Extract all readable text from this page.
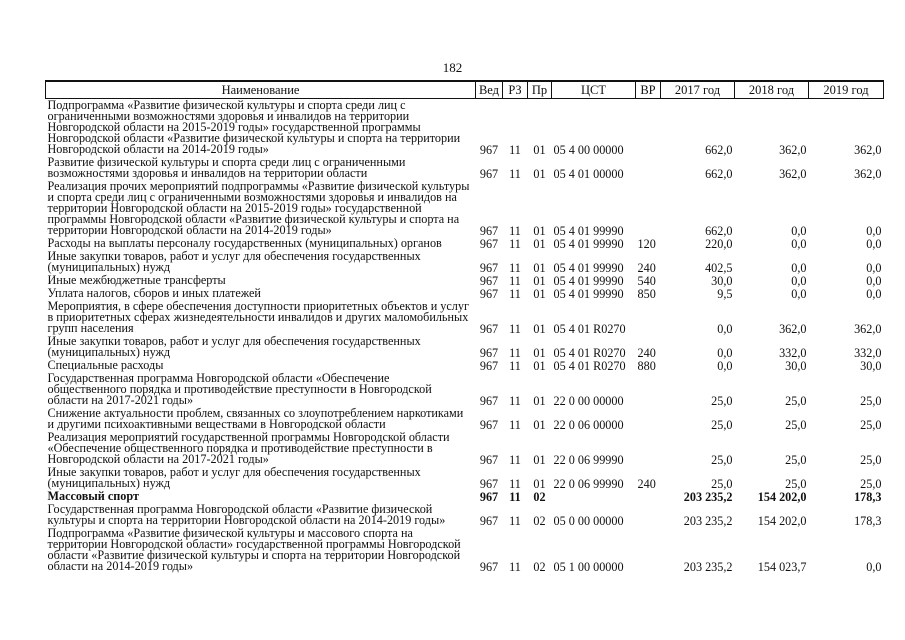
182
Наименование	Вед	РЗ	Пр	ЦСТ	ВР	2017 год	2018 год	2019 год
Подпрограмма «Развитие физической культуры и спорта среди лиц с ограниченными возможностями здоровья и инвалидов на территории Новгородской области на 2015-2019 годы» государственной программы Новгородской области «Развитие физической культуры и спорта на территории Новгородской области на 2014-2019 годы»	967	11	01	05 4 00 00000		662,0	362,0	362,0
Развитие физической культуры и спорта среди лиц с ограниченными возможностями здоровья и инвалидов на территории области	967	11	01	05 4 01 00000		662,0	362,0	362,0
Реализация прочих мероприятий подпрограммы «Развитие физической культуры и спорта среди лиц с ограниченными возможностями здоровья и инвалидов на территории Новгородской области на 2015-2019 годы» государственной программы Новгородской области «Развитие физической культуры и спорта на территории Новгородской области на 2014-2019 годы»	967	11	01	05 4 01 99990		662,0	0,0	0,0
Расходы на выплаты персоналу государственных (муниципальных) органов	967	11	01	05 4 01 99990	120	220,0	0,0	0,0
Иные закупки товаров, работ и услуг для обеспечения государственных (муниципальных) нужд	967	11	01	05 4 01 99990	240	402,5	0,0	0,0
Иные межбюджетные трансферты	967	11	01	05 4 01 99990	540	30,0	0,0	0,0
Уплата налогов, сборов и иных платежей	967	11	01	05 4 01 99990	850	9,5	0,0	0,0
Мероприятия, в сфере обеспечения доступности приоритетных объектов и услуг в приоритетных сферах жизнедеятельности инвалидов и других маломобильных групп населения	967	11	01	05 4 01 R0270		0,0	362,0	362,0
Иные закупки товаров, работ и услуг для обеспечения государственных (муниципальных) нужд	967	11	01	05 4 01 R0270	240	0,0	332,0	332,0
Специальные расходы	967	11	01	05 4 01 R0270	880	0,0	30,0	30,0
Государственная программа Новгородской области «Обеспечение общественного порядка и противодействие преступности в Новгородской области на 2017-2021 годы»	967	11	01	22 0 00 00000		25,0	25,0	25,0
Снижение актуальности проблем, связанных со злоупотреблением наркотиками и другими психоактивными веществами в Новгородской области	967	11	01	22 0 06 00000		25,0	25,0	25,0
Реализация мероприятий государственной программы Новгородской области «Обеспечение общественного порядка и противодействие преступности в Новгородской области на 2017-2021 годы»	967	11	01	22 0 06 99990		25,0	25,0	25,0
Иные закупки товаров, работ и услуг для обеспечения государственных (муниципальных) нужд	967	11	01	22 0 06 99990	240	25,0	25,0	25,0
Массовый спорт	967	11	02			203 235,2	154 202,0	178,3
Государственная программа Новгородской области «Развитие физической культуры и спорта на территории Новгородской области на 2014-2019 годы»	967	11	02	05 0 00 00000		203 235,2	154 202,0	178,3
Подпрограмма «Развитие физической культуры и массового спорта на территории Новгородской области» государственной программы Новгородской области «Развитие физической культуры и спорта на территории Новгородской области на 2014-2019 годы»	967	11	02	05 1 00 00000		203 235,2	154 023,7	0,0
